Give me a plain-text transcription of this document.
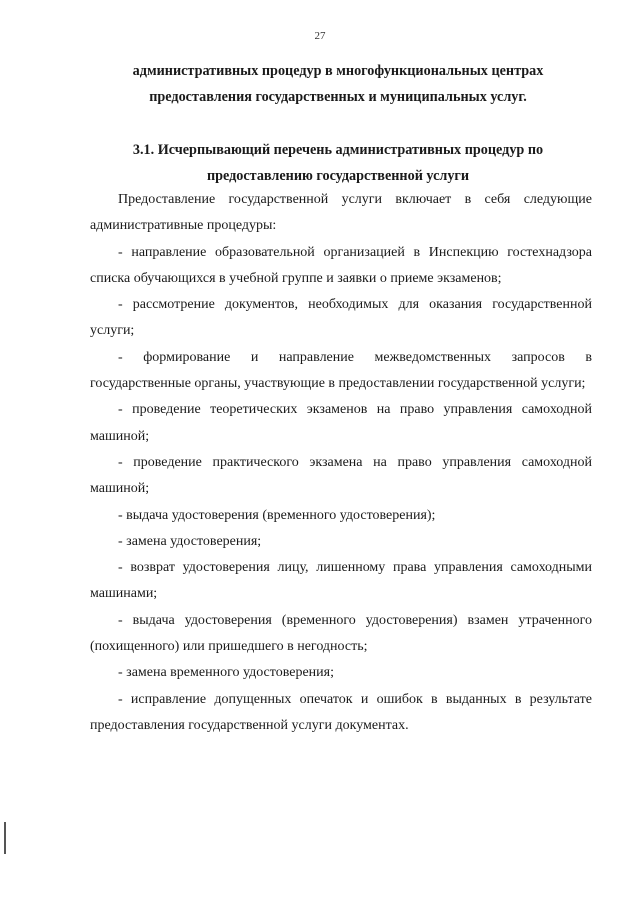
27
административных процедур в многофункциональных центрах
предоставления государственных и муниципальных услуг.
3.1. Исчерпывающий перечень административных процедур по
предоставлению государственной услуги

Предоставление государственной услуги включает в себя следующие административные процедуры:

- направление образовательной организацией в Инспекцию гостехнадзора списка обучающихся в учебной группе и заявки о приеме экзаменов;

- рассмотрение документов, необходимых для оказания государственной услуги;

- формирование и направление межведомственных запросов в государственные органы, участвующие в предоставлении государственной услуги;

- проведение теоретических экзаменов на право управления самоходной машиной;

- проведение практического экзамена на право управления самоходной машиной;

- выдача удостоверения (временного удостоверения);

- замена удостоверения;

- возврат удостоверения лицу, лишенному права управления самоходными машинами;

- выдача удостоверения (временного удостоверения) взамен утраченного (похищенного) или пришедшего в негодность;

- замена временного удостоверения;

- исправление допущенных опечаток и ошибок в выданных в результате предоставления государственной услуги документах.
